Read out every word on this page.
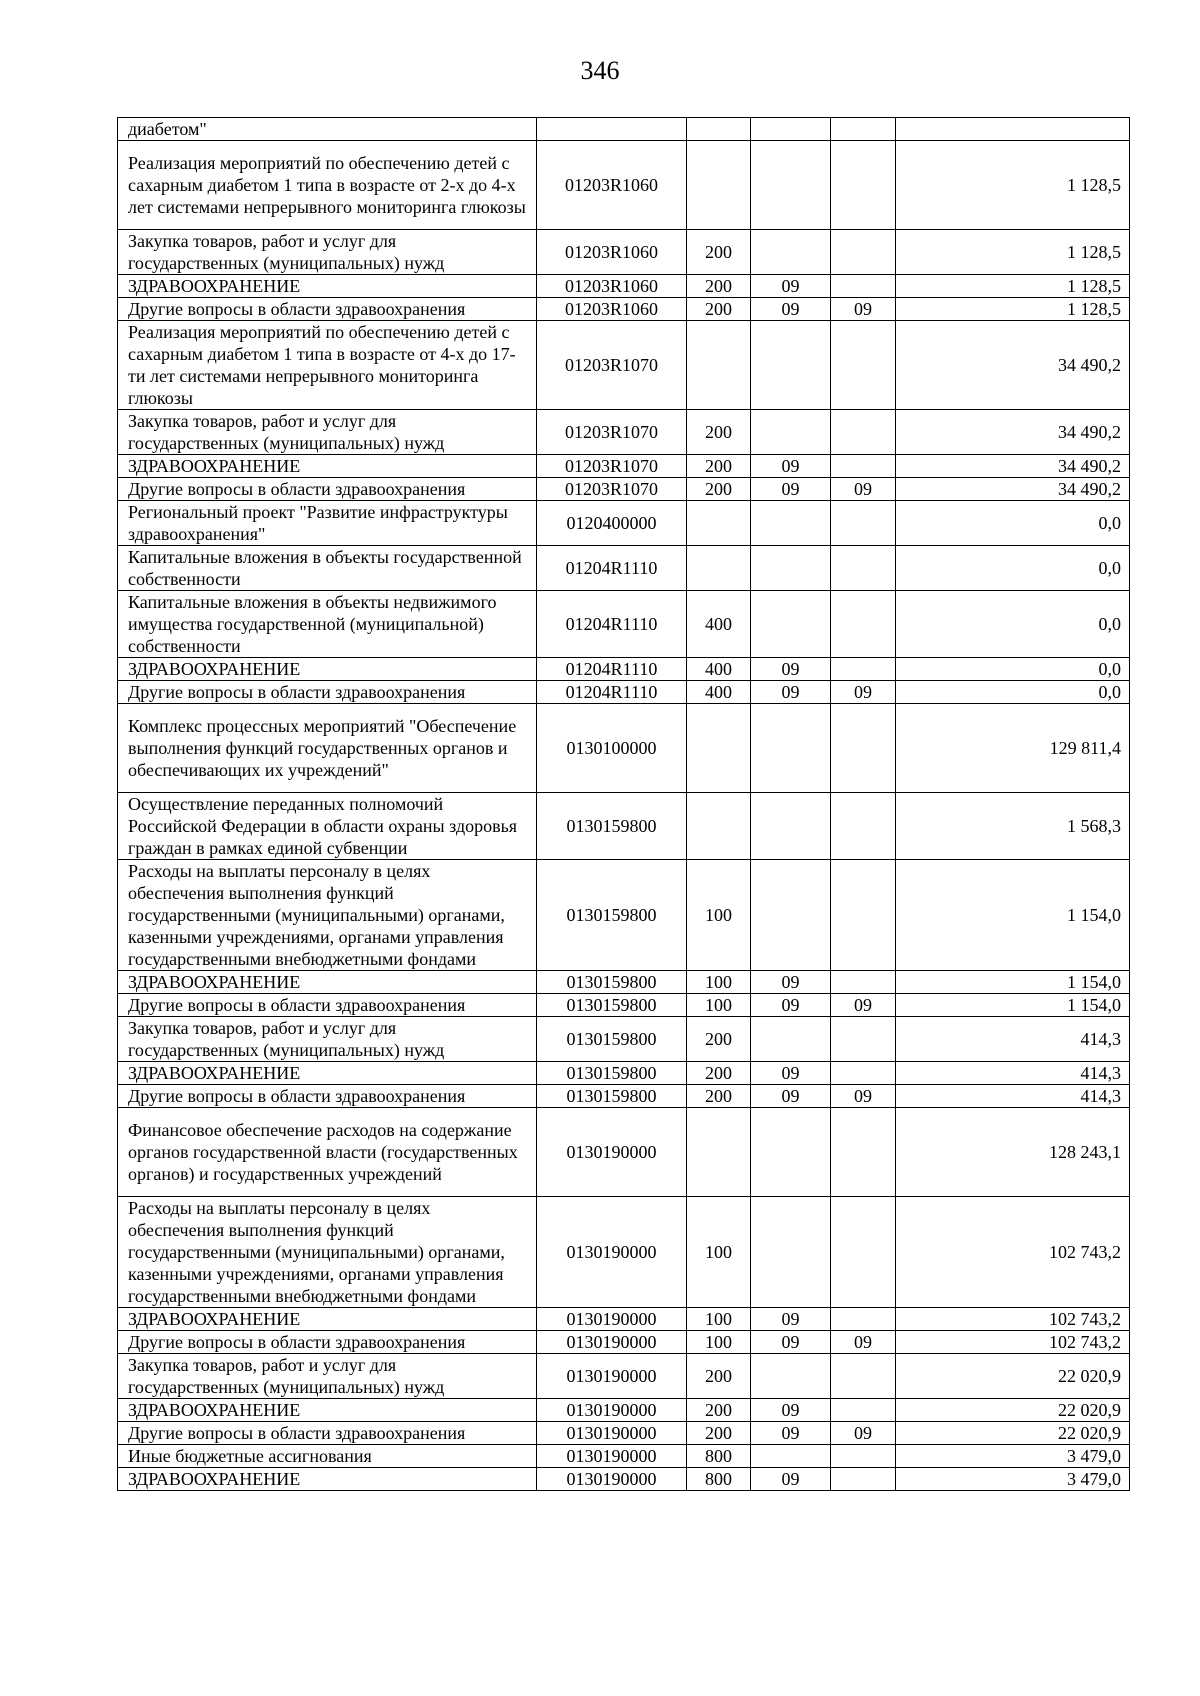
346
диабетом"					
Реализация мероприятий по обеспечению детей с сахарным диабетом 1 типа в возрасте от 2-х до 4-х лет системами непрерывного мониторинга глюкозы	01203R1060				1 128,5
Закупка товаров, работ и услуг для государственных (муниципальных) нужд	01203R1060	200			1 128,5
ЗДРАВООХРАНЕНИЕ	01203R1060	200	09		1 128,5
Другие вопросы в области здравоохранения	01203R1060	200	09	09	1 128,5
Реализация мероприятий по обеспечению детей с сахарным диабетом 1 типа в возрасте от 4-х до 17-ти лет системами непрерывного мониторинга глюкозы	01203R1070				34 490,2
Закупка товаров, работ и услуг для государственных (муниципальных) нужд	01203R1070	200			34 490,2
ЗДРАВООХРАНЕНИЕ	01203R1070	200	09		34 490,2
Другие вопросы в области здравоохранения	01203R1070	200	09	09	34 490,2
Региональный проект "Развитие инфраструктуры здравоохранения"	0120400000				0,0
Капитальные вложения в объекты государственной собственности	01204R1110				0,0
Капитальные вложения в объекты недвижимого имущества государственной (муниципальной) собственности	01204R1110	400			0,0
ЗДРАВООХРАНЕНИЕ	01204R1110	400	09		0,0
Другие вопросы в области здравоохранения	01204R1110	400	09	09	0,0
Комплекс процессных мероприятий "Обеспечение выполнения функций государственных органов и обеспечивающих их учреждений"	0130100000				129 811,4
Осуществление переданных полномочий Российской Федерации в области охраны здоровья граждан в рамках единой субвенции	0130159800				1 568,3
Расходы на выплаты персоналу в целях обеспечения выполнения функций государственными (муниципальными) органами, казенными учреждениями, органами управления государственными внебюджетными фондами	0130159800	100			1 154,0
ЗДРАВООХРАНЕНИЕ	0130159800	100	09		1 154,0
Другие вопросы в области здравоохранения	0130159800	100	09	09	1 154,0
Закупка товаров, работ и услуг для государственных (муниципальных) нужд	0130159800	200			414,3
ЗДРАВООХРАНЕНИЕ	0130159800	200	09		414,3
Другие вопросы в области здравоохранения	0130159800	200	09	09	414,3
Финансовое обеспечение расходов на содержание органов государственной власти (государственных органов) и государственных учреждений	0130190000				128 243,1
Расходы на выплаты персоналу в целях обеспечения выполнения функций государственными (муниципальными) органами, казенными учреждениями, органами управления государственными внебюджетными фондами	0130190000	100			102 743,2
ЗДРАВООХРАНЕНИЕ	0130190000	100	09		102 743,2
Другие вопросы в области здравоохранения	0130190000	100	09	09	102 743,2
Закупка товаров, работ и услуг для государственных (муниципальных) нужд	0130190000	200			22 020,9
ЗДРАВООХРАНЕНИЕ	0130190000	200	09		22 020,9
Другие вопросы в области здравоохранения	0130190000	200	09	09	22 020,9
Иные бюджетные ассигнования	0130190000	800			3 479,0
ЗДРАВООХРАНЕНИЕ	0130190000	800	09		3 479,0
